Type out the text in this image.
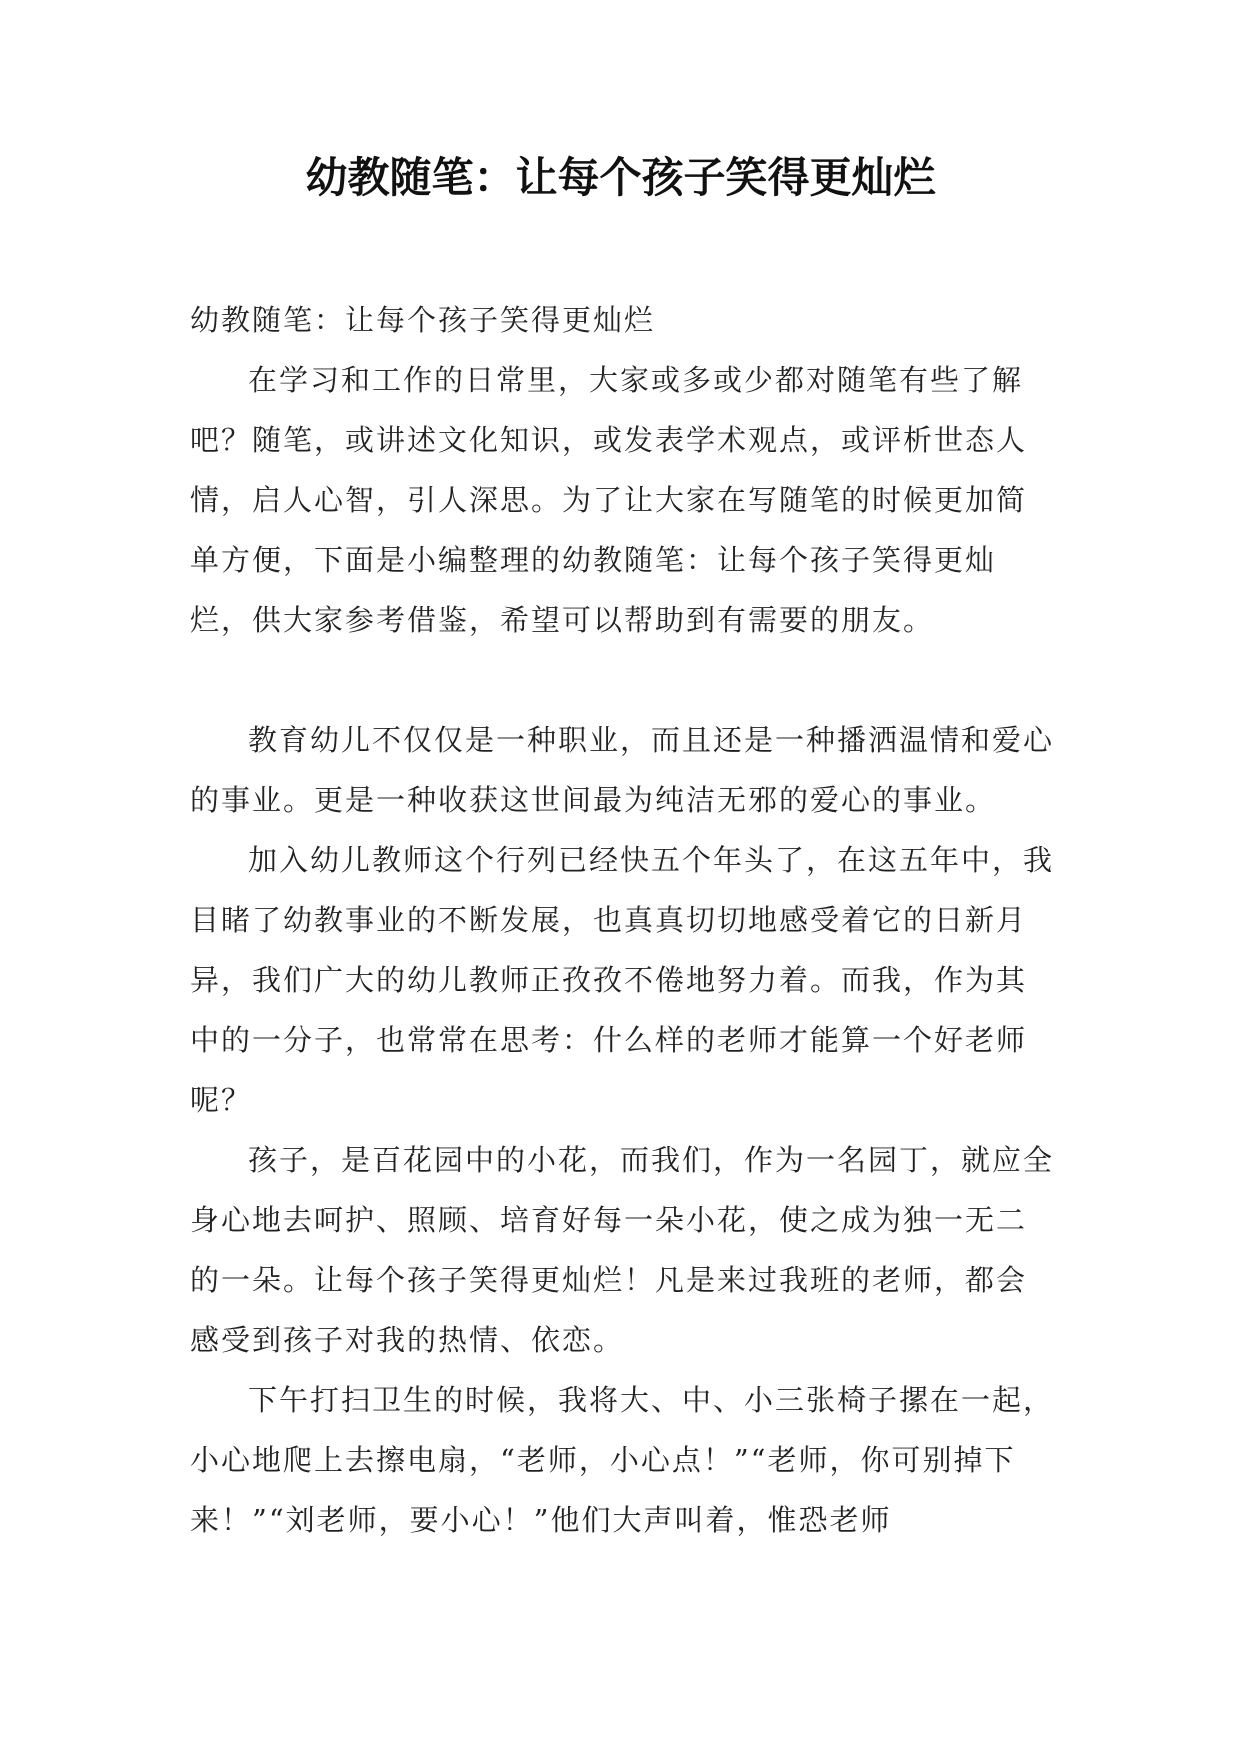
幼教随笔：让每个孩子笑得更灿烂

幼教随笔：让每个孩子笑得更灿烂

在学习和工作的日常里，大家或多或少都对随笔有些了解吧？随笔，或讲述文化知识，或发表学术观点，或评析世态人情，启人心智，引人深思。为了让大家在写随笔的时候更加简单方便，下面是小编整理的幼教随笔：让每个孩子笑得更灿烂，供大家参考借鉴，希望可以帮助到有需要的朋友。

教育幼儿不仅仅是一种职业，而且还是一种播洒温情和爱心的事业。更是一种收获这世间最为纯洁无邪的爱心的事业。

加入幼儿教师这个行列已经快五个年头了，在这五年中，我目睹了幼教事业的不断发展，也真真切切地感受着它的日新月异，我们广大的幼儿教师正孜孜不倦地努力着。而我，作为其中的一分子，也常常在思考：什么样的老师才能算一个好老师呢？

孩子，是百花园中的小花，而我们，作为一名园丁，就应全身心地去呵护、照顾、培育好每一朵小花，使之成为独一无二的一朵。让每个孩子笑得更灿烂！凡是来过我班的老师，都会感受到孩子对我的热情、依恋。

下午打扫卫生的时候，我将大、中、小三张椅子摞在一起，小心地爬上去擦电扇，“老师，小心点！”“老师，你可别掉下来！”“刘老师，要小心！”他们大声叫着，惟恐老师
